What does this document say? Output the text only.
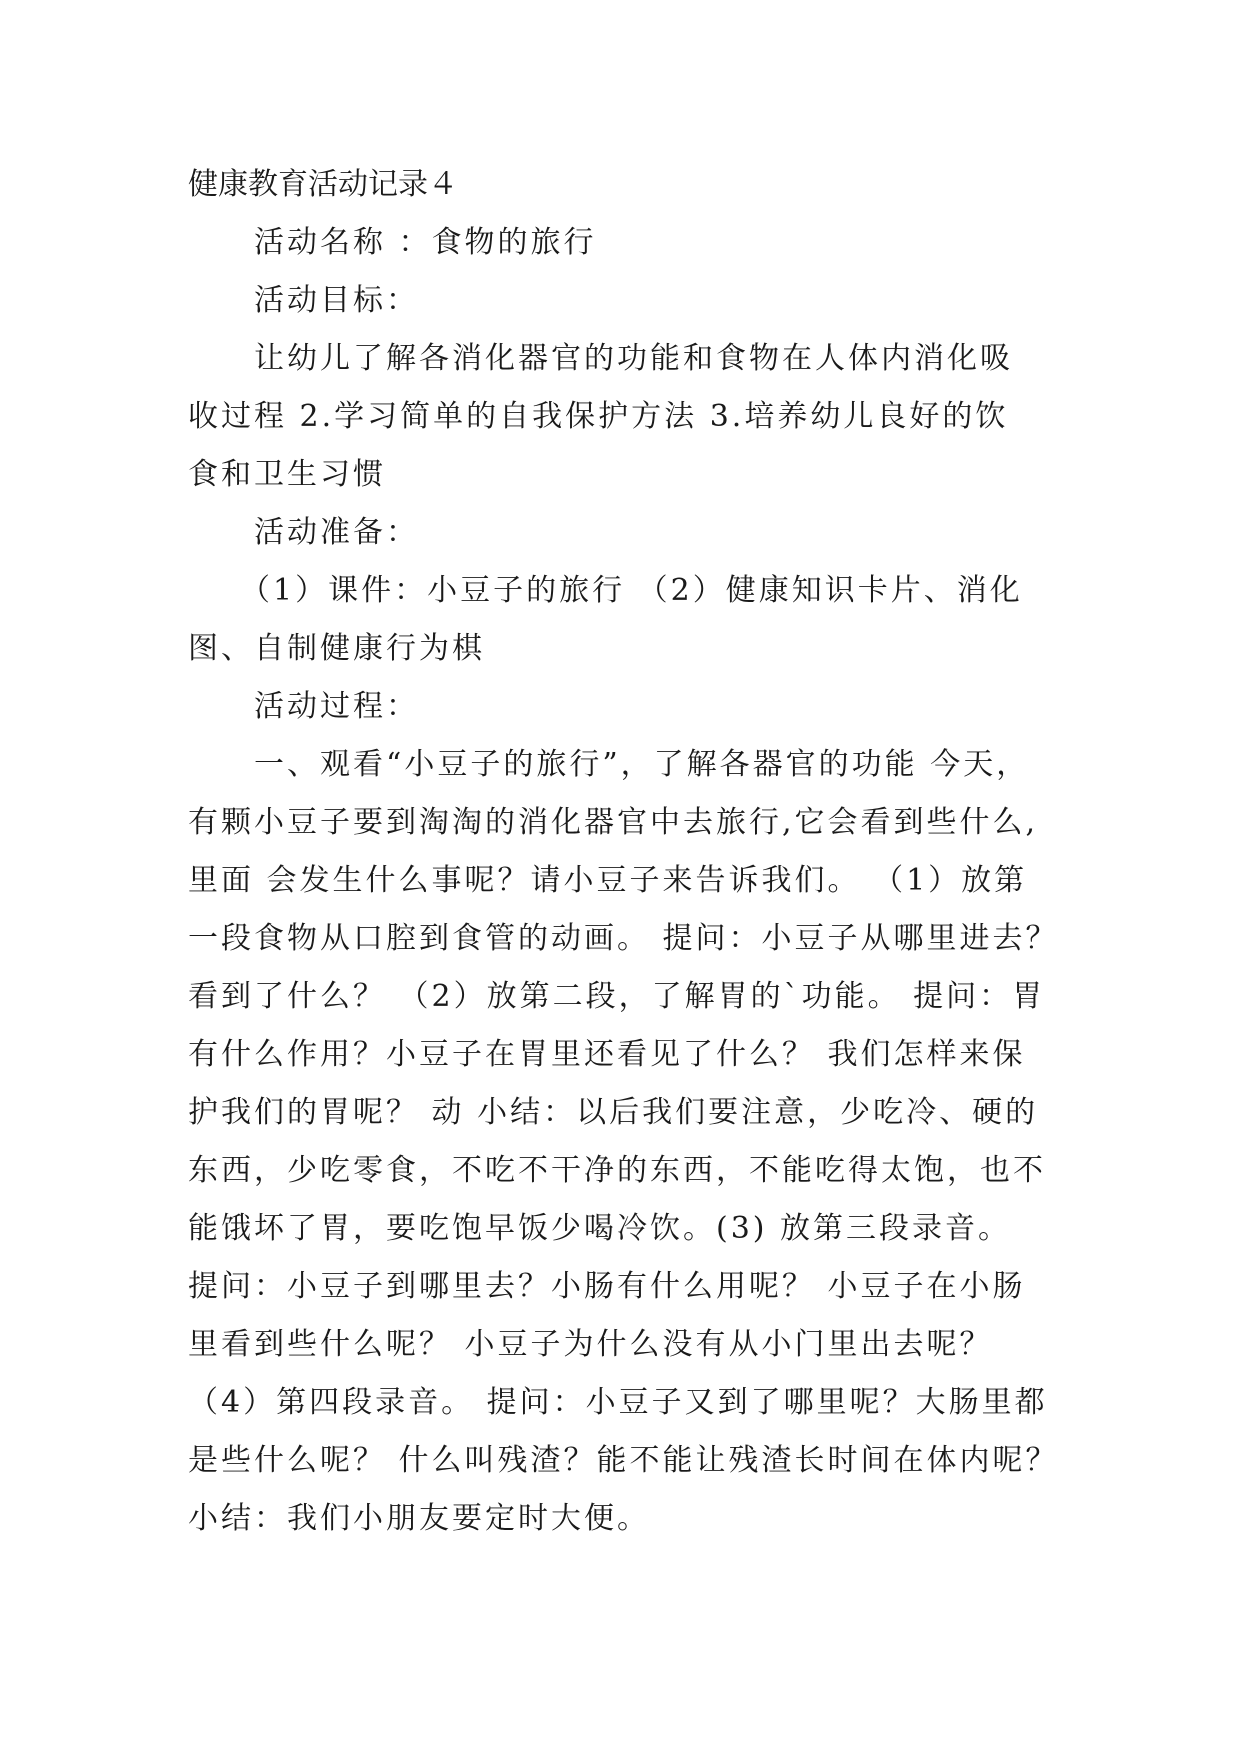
健康教育活动记录４

活动名称 ：食物的旅行

活动目标：

让幼儿了解各消化器官的功能和食物在人体内消化吸
收过程 2.学习简单的自我保护方法 3.培养幼儿良好的饮
食和卫生习惯

活动准备：

（1）课件：小豆子的旅行 （2）健康知识卡片、消化
图、自制健康行为棋

活动过程：

一、观看“小豆子的旅行”，了解各器官的功能 今天，
有颗小豆子要到淘淘的消化器官中去旅行,它会看到些什么,
里面 会发生什么事呢？请小豆子来告诉我们。 （1）放第
一段食物从口腔到食管的动画。 提问：小豆子从哪里进去？
看到了什么？ （2）放第二段，了解胃的`功能。 提问：胃
有什么作用？小豆子在胃里还看见了什么？ 我们怎样来保
护我们的胃呢？ 动 小结：以后我们要注意，少吃冷、硬的
东西，少吃零食，不吃不干净的东西，不能吃得太饱，也不
能饿坏了胃，要吃饱早饭少喝冷饮。(3) 放第三段录音。
提问：小豆子到哪里去？小肠有什么用呢？ 小豆子在小肠
里看到些什么呢？ 小豆子为什么没有从小门里出去呢？
（4）第四段录音。 提问：小豆子又到了哪里呢？大肠里都
是些什么呢？ 什么叫残渣？能不能让残渣长时间在体内呢？
小结：我们小朋友要定时大便。
